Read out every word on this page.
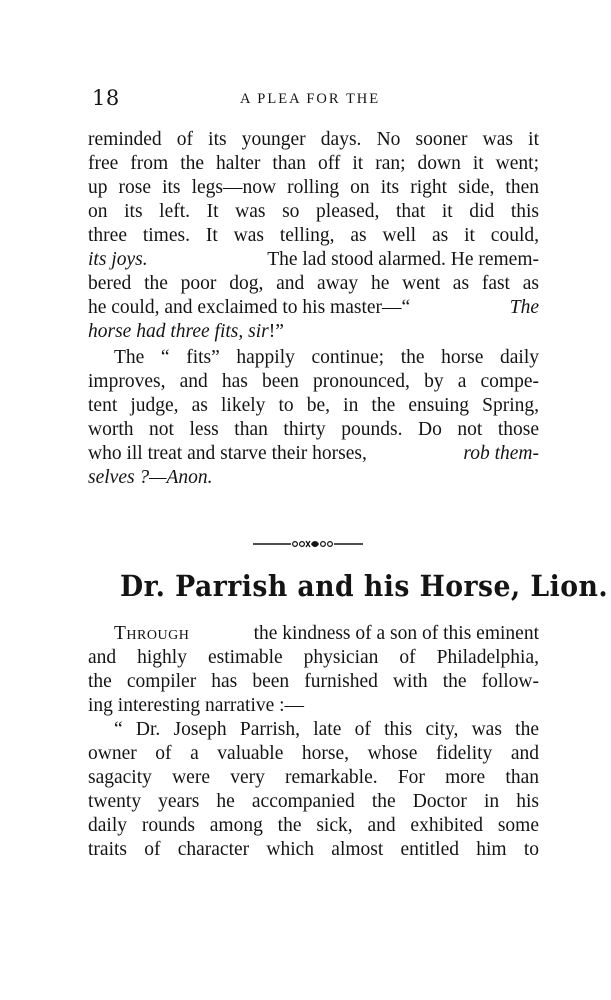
18	A PLEA FOR THE
reminded of its younger days. No sooner was it
free from the halter than off it ran; down it went;
up rose its legs—now rolling on its right side, then
on its left. It was so pleased, that it did this
three times. It was telling, as well as it could,
its joys.	The lad stood alarmed. He remem-
bered the poor dog, and away he went as fast as
he could, and exclaimed to his master—“	The
horse had three fits, sir !”
The “ fits” happily continue; the horse daily
improves, and has been pronounced, by a compe-
tent judge, as likely to be, in the ensuing Spring,
worth not less than thirty pounds. Do not those
who ill treat and starve their horses,	rob them-
selves ?—Anon.
Dr. Parrish and his Horse, Lion.
Through	the kindness of a son of this eminent
and highly estimable physician of Philadelphia,
the compiler has been furnished with the follow-
ing interesting narrative :—
“ Dr. Joseph Parrish, late of this city, was the
owner of a valuable horse, whose fidelity and
sagacity were very remarkable. For more than
twenty years he accompanied the Doctor in his
daily rounds among the sick, and exhibited some
traits of character which almost entitled him to
